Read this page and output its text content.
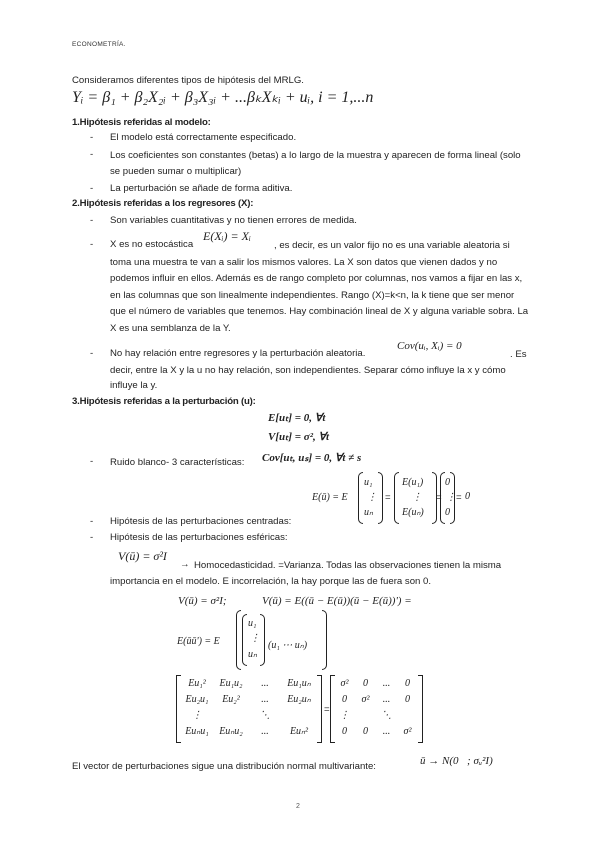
ECONOMETRÍA.
Consideramos diferentes tipos de hipótesis del MRLG.
Yᵢ = β₁ + β₂X₂ᵢ + β₃X₃ᵢ + ...βₖXₖᵢ + uᵢ, i = 1,...n
1.Hipótesis referidas al modelo:
- El modelo está correctamente especificado.
- Los coeficientes son constantes (betas) a lo largo de la muestra y aparecen de forma lineal (solo se pueden sumar o multiplicar)
- La perturbación se añade de forma aditiva.
2.Hipótesis referidas a los regresores (X):
- Son variables cuantitativas y no tienen errores de medida.
- X es no estocástica
E(Xᵢ) = Xᵢ
, es decir, es un valor fijo no es una variable aleatoria si toma una muestra te van a salir los mismos valores. La X son datos que vienen dados y no podemos influir en ellos. Además es de rango completo por columnas, nos vamos a fijar en las x, en las columnas que son linealmente independientes. Rango (X)=k<n, la k tiene que ser menor que el número de variables que tenemos. Hay combinación lineal de X y alguna variable sobra. La X es una semblanza de la Y.
- No hay relación entre regresores y la perturbación aleatoria.
Cov(uᵢ, Xᵢ) = 0
. Es decir, entre la X y la u no hay relación, son independientes. Separar cómo influye la x y cómo influye la y.
3.Hipótesis referidas a la perturbación (u):
E[uₜ] = 0, ∀t
V[uₜ] = σ², ∀t
- Ruido blanco- 3 características: Cov[uₜ, uₛ] = 0, ∀t ≠ s
E(ū) = E
u₁
⋮
uₙ
=
E(u₁)
⋮
E(uₙ)
=
0
⋮
0
= 0⃗
- Hipótesis de las perturbaciones centradas:
- Hipótesis de las perturbaciones esféricas:
V(ū) = σ²I
→ Homocedasticidad. =Varianza. Todas las observaciones tienen la misma importancia en el modelo. E incorrelación, la hay porque las de fuera son 0.
V(ū) = σ²I;	V(ū) = E((ū − E(ū))(ū − E(ū))') =
E(ūū') = E
u₁
⋮
uₙ
(u₁ ⋯ uₙ)
Eu₁²	Eu₁u₂	...	Eu₁uₙ
Eu₂u₁	Eu₂²	...	Eu₂uₙ
⋮	⋱
Euₙu₁	Euₙu₂	...	Euₙ²
=
σ²	0	...	0
0	σ²	...	0
⋮	⋱
0	0	...	σ²
El vector de perturbaciones sigue una distribución normal multivariante:	ū → N(0⃗; σᵤ²I)
2
